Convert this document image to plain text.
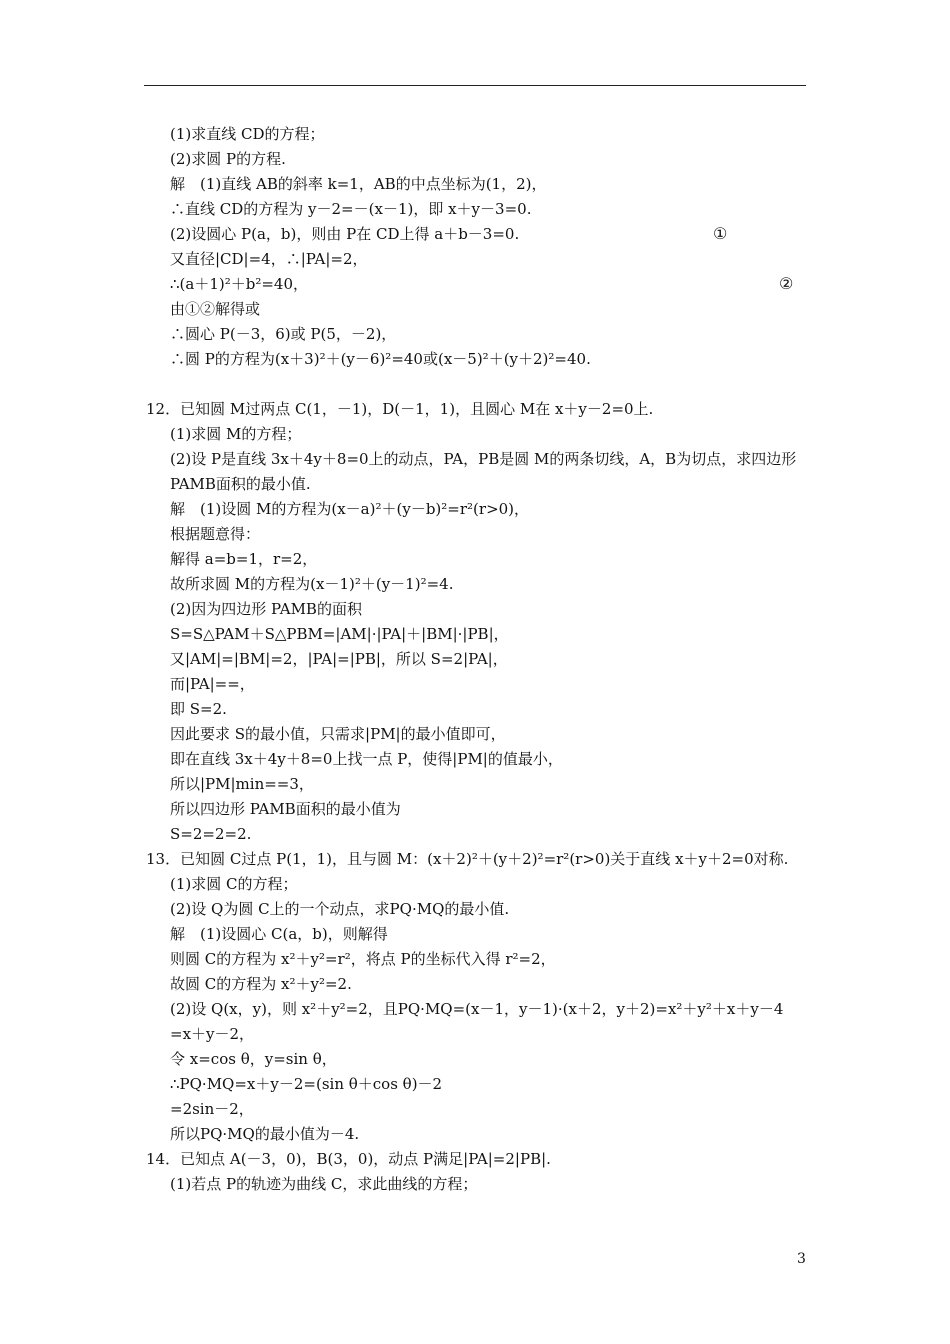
(1)求直线 CD的方程；
(2)求圆 P的方程.
解　(1)直线 AB的斜率 k=1，AB的中点坐标为(1，2)，
∴直线 CD的方程为 y－2=－(x－1)，即 x＋y－3=0.
(2)设圆心 P(a，b)，则由 P在 CD上得 a＋b－3=0.
又直径|CD|=4，∴|PA|=2，
∴(a＋1)²＋b²=40，
由①②解得或
∴圆心 P(－3，6)或 P(5，－2)，
∴圆 P的方程为(x＋3)²＋(y－6)²=40或(x－5)²＋(y＋2)²=40.
12．已知圆 M过两点 C(1，－1)，D(－1，1)，且圆心 M在 x＋y－2=0上.
(1)求圆 M的方程；
(2)设 P是直线 3x＋4y＋8=0上的动点，PA，PB是圆 M的两条切线，A，B为切点，求四边形
PAMB面积的最小值.
解　(1)设圆 M的方程为(x－a)²＋(y－b)²=r²(r>0)，
根据题意得：
解得 a=b=1，r=2，
故所求圆 M的方程为(x－1)²＋(y－1)²=4.
(2)因为四边形 PAMB的面积
S=S△PAM＋S△PBM=|AM|·|PA|＋|BM|·|PB|，
又|AM|=|BM|=2，|PA|=|PB|，所以 S=2|PA|，
而|PA|==，
即 S=2.
因此要求 S的最小值，只需求|PM|的最小值即可，
即在直线 3x＋4y＋8=0上找一点 P，使得|PM|的值最小，
所以|PM|min==3，
所以四边形 PAMB面积的最小值为
S=2=2=2.
13．已知圆 C过点 P(1，1)，且与圆 M：(x＋2)²＋(y＋2)²=r²(r>0)关于直线 x＋y＋2=0对称.
(1)求圆 C的方程；
(2)设 Q为圆 C上的一个动点，求PQ·MQ的最小值.
解　(1)设圆心 C(a，b)，则解得
则圆 C的方程为 x²＋y²=r²，将点 P的坐标代入得 r²=2，
故圆 C的方程为 x²＋y²=2.
(2)设 Q(x，y)，则 x²＋y²=2，且PQ·MQ=(x－1，y－1)·(x＋2，y＋2)=x²＋y²＋x＋y－4
=x＋y－2，
令 x=cos θ，y=sin θ，
∴PQ·MQ=x＋y－2=(sin θ＋cos θ)－2
=2sin－2，
所以PQ·MQ的最小值为－4.
14．已知点 A(－3，0)，B(3，0)，动点 P满足|PA|=2|PB|.
(1)若点 P的轨迹为曲线 C，求此曲线的方程；
①
②
3
